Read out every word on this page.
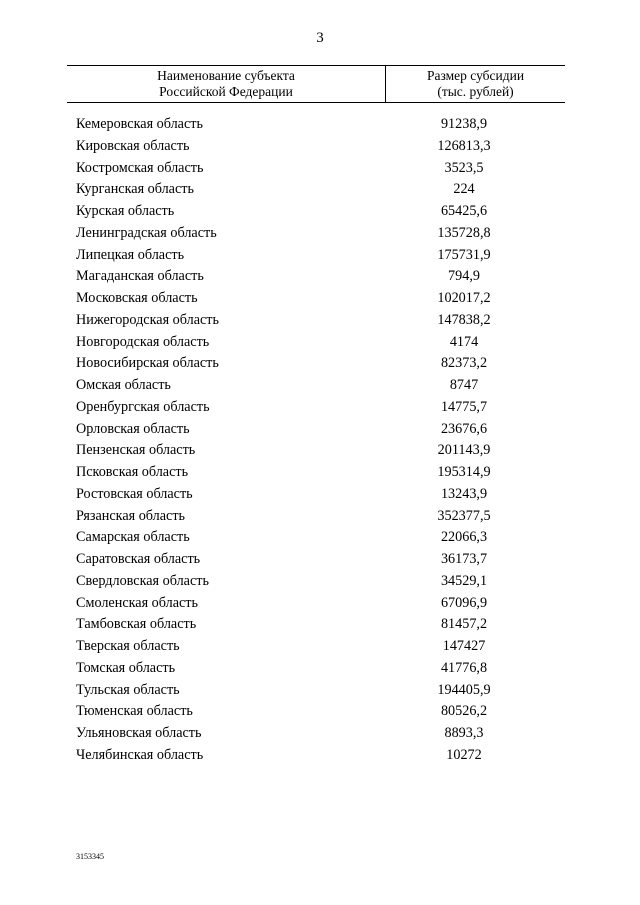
3
Наименование субъекта
Российской Федерации
Размер субсидии
(тыс. рублей)
Кемеровская область	91238,9
Кировская область	126813,3
Костромская область	3523,5
Курганская область	224
Курская область	65425,6
Ленинградская область	135728,8
Липецкая область	175731,9
Магаданская область	794,9
Московская область	102017,2
Нижегородская область	147838,2
Новгородская область	4174
Новосибирская область	82373,2
Омская область	8747
Оренбургская область	14775,7
Орловская область	23676,6
Пензенская область	201143,9
Псковская область	195314,9
Ростовская область	13243,9
Рязанская область	352377,5
Самарская область	22066,3
Саратовская область	36173,7
Свердловская область	34529,1
Смоленская область	67096,9
Тамбовская область	81457,2
Тверская область	147427
Томская область	41776,8
Тульская область	194405,9
Тюменская область	80526,2
Ульяновская область	8893,3
Челябинская область	10272
3153345
